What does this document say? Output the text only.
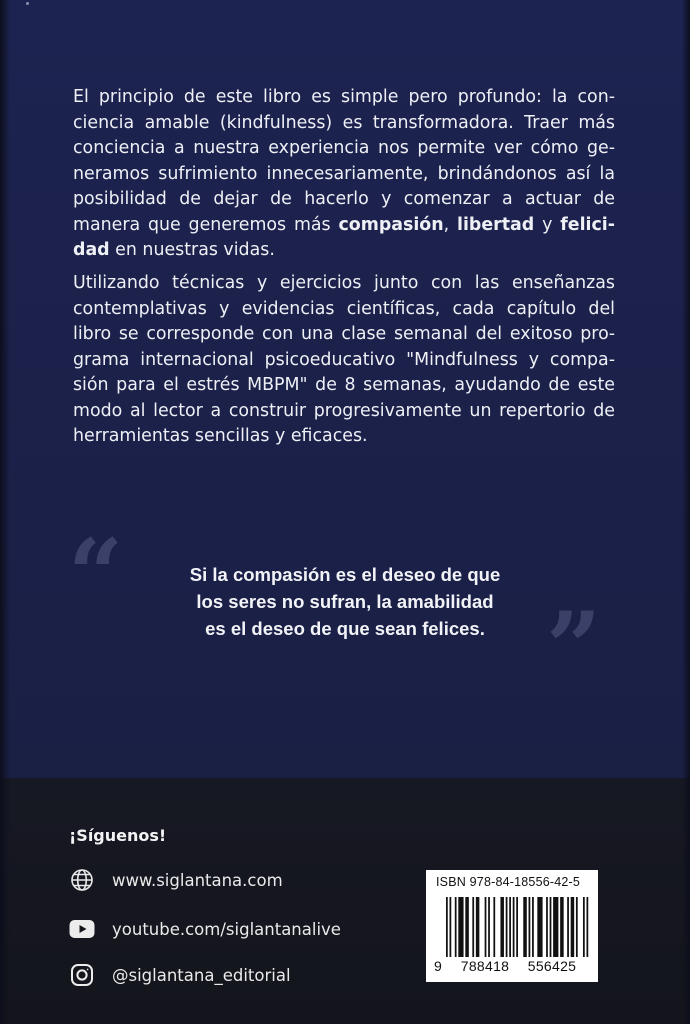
El principio de este libro es simple pero profundo: la conciencia amable (kindfulness) es transformadora. Traer más conciencia a nuestra experiencia nos permite ver cómo generamos sufrimiento innecesariamente, brindándonos así la posibilidad de dejar de hacerlo y comenzar a actuar de manera que generemos más compasión, libertad y felicidad en nuestras vidas.

Utilizando técnicas y ejercicios junto con las enseñanzas contemplativas y evidencias científicas, cada capítulo del libro se corresponde con una clase semanal del exitoso programa internacional psicoeducativo "Mindfulness y compasión para el estrés MBPM" de 8 semanas, ayudando de este modo al lector a construir progresivamente un repertorio de herramientas sencillas y eficaces.

“
”
Si la compasión es el deseo de que
los seres no sufran, la amabilidad
es el deseo de que sean felices.
¡Síguenos!
www.siglantana.com
youtube.com/siglantanalive
@siglantana_editorial
ISBN 978-84-18556-42-5
9 788418 556425
